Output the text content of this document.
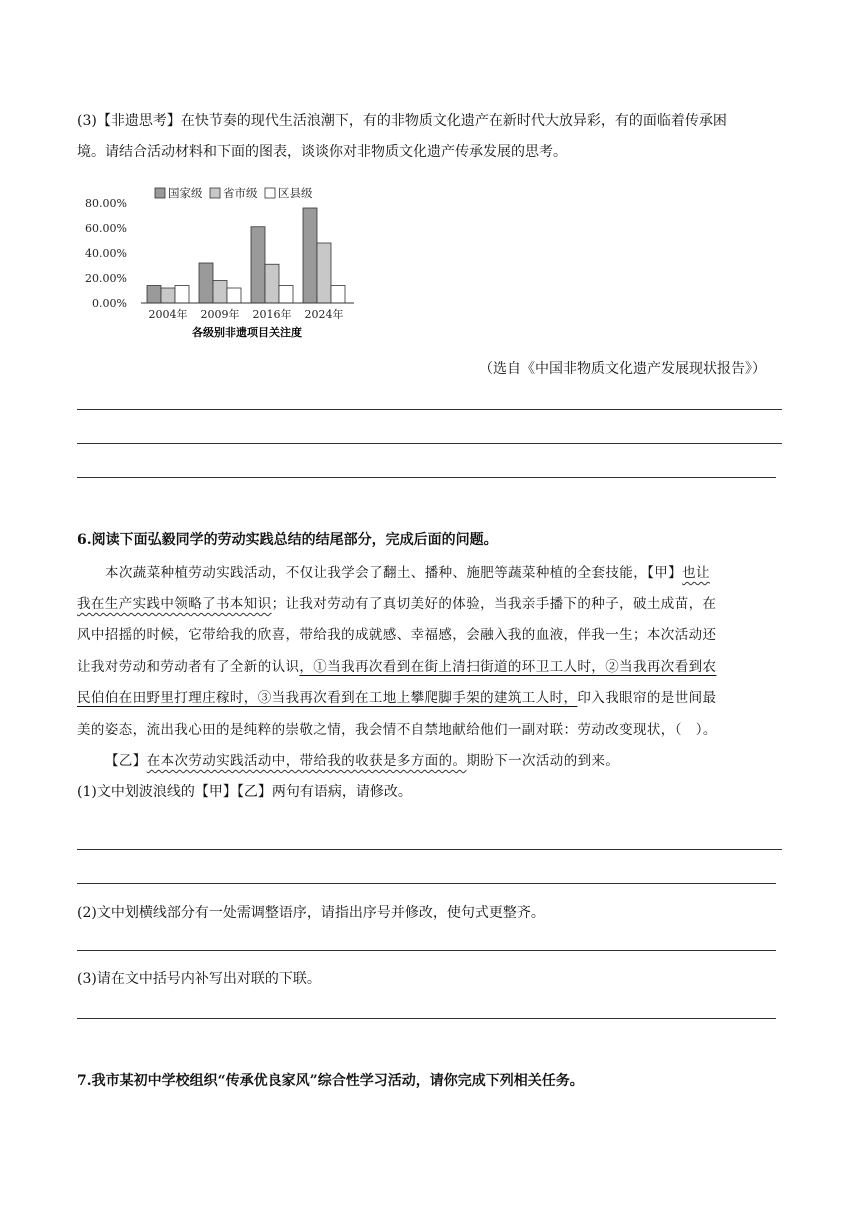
(3)【非遗思考】在快节奏的现代生活浪潮下，有的非物质文化遗产在新时代大放异彩，有的面临着传承困
境。请结合活动材料和下面的图表，谈谈你对非物质文化遗产传承发展的思考。
国家级 省市级 区县级
0.00%
20.00%
40.00%
60.00%
80.00%
2004年 2009年 2016年 2024年
各级别非遗项目关注度
（选自《中国非物质文化遗产发展现状报告》）
6.阅读下面弘毅同学的劳动实践总结的结尾部分，完成后面的问题。
本次蔬菜种植劳动实践活动，不仅让我学会了翻土、播种、施肥等蔬菜种植的全套技能，【甲】也让
我在生产实践中领略了书本知识；让我对劳动有了真切美好的体验，当我亲手播下的种子，破土成苗，在
风中招摇的时候，它带给我的欣喜，带给我的成就感、幸福感，会融入我的血液，伴我一生；本次活动还
让我对劳动和劳动者有了全新的认识，①当我再次看到在街上清扫街道的环卫工人时，②当我再次看到农
民伯伯在田野里打理庄稼时，③当我再次看到在工地上攀爬脚手架的建筑工人时，印入我眼帘的是世间最
美的姿态，流出我心田的是纯粹的崇敬之情，我会情不自禁地献给他们一副对联：劳动改变现状，（　）。
【乙】在本次劳动实践活动中，带给我的收获是多方面的。期盼下一次活动的到来。
(1)文中划波浪线的【甲】【乙】两句有语病，请修改。
(2)文中划横线部分有一处需调整语序，请指出序号并修改，使句式更整齐。
(3)请在文中括号内补写出对联的下联。
7.我市某初中学校组织“传承优良家风”综合性学习活动，请你完成下列相关任务。
